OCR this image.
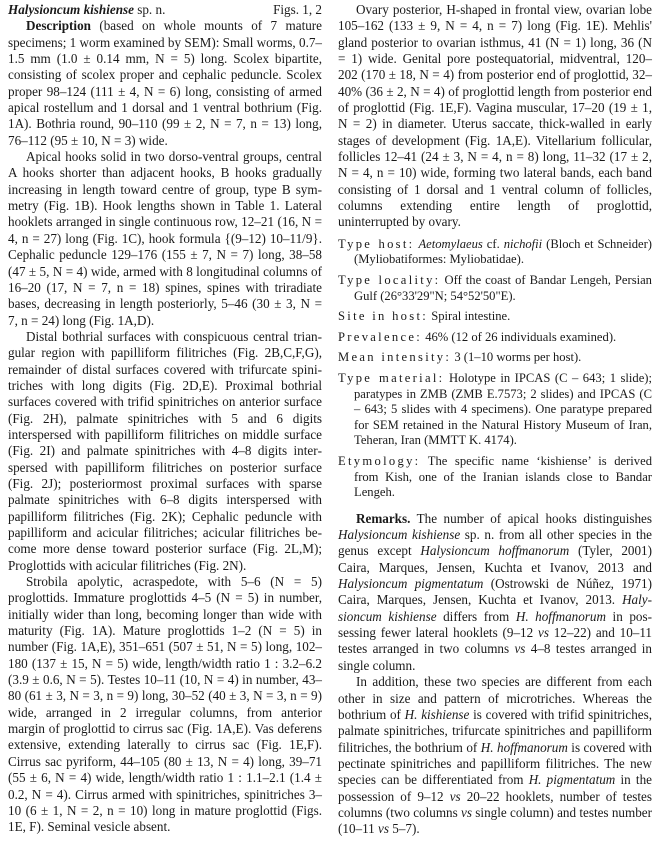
Halysioncum kishiense sp. n.	Figs. 1, 2

Description (based on whole mounts of 7 mature specimens; 1 worm examined by SEM): Small worms, 0.7–1.5 mm (1.0 ± 0.14 mm, N = 5) long. Scolex bipartite, consisting of scolex proper and cephalic peduncle. Scolex proper 98–124 (111 ± 4, N = 6) long, consisting of armed apical rostellum and 1 dorsal and 1 ventral bothrium (Fig. 1A). Bothria round, 90–110 (99 ± 2, N = 7, n = 13) long, 76–112 (95 ± 10, N = 3) wide.

Apical hooks solid in two dorso-ventral groups, central A hooks shorter than adjacent hooks, B hooks gradually increasing in length toward centre of group, type B symmetry (Fig. 1B). Hook lengths shown in Table 1. Lateral hooklets arranged in single continuous row, 12–21 (16, N = 4, n = 27) long (Fig. 1C), hook formula {(9–12) 10–11/9}. Cephalic peduncle 129–176 (155 ± 7, N = 7) long, 38–58 (47 ± 5, N = 4) wide, armed with 8 longitudinal columns of 16–20 (17, N = 7, n = 18) spines, spines with triradiate bases, decreasing in length posteriorly, 5–46 (30 ± 3, N = 7, n = 24) long (Fig. 1A,D).

Distal bothrial surfaces with conspicuous central triangular region with papilliform filitriches (Fig. 2B,C,F,G), remainder of distal surfaces covered with trifurcate spinitriches with long digits (Fig. 2D,E). Proximal bothrial surfaces covered with trifid spinitriches on anterior surface (Fig. 2H), palmate spinitriches with 5 and 6 digits interspersed with papilliform filitriches on middle surface (Fig. 2I) and palmate spinitriches with 4–8 digits interspersed with papilliform filitriches on posterior surface (Fig. 2J); posteriormost proximal surfaces with sparse palmate spinitriches with 6–8 digits interspersed with papilliform filitriches (Fig. 2K); Cephalic peduncle with papilliform and acicular filitriches; acicular filitriches become more dense toward posterior surface (Fig. 2L,M); Proglottids with acicular filitriches (Fig. 2N).

Strobila apolytic, acraspedote, with 5–6 (N = 5) proglottids. Immature proglottids 4–5 (N = 5) in number, initially wider than long, becoming longer than wide with maturity (Fig. 1A). Mature proglottids 1–2 (N = 5) in number (Fig. 1A,E), 351–651 (507 ± 51, N = 5) long, 102–180 (137 ± 15, N = 5) wide, length/width ratio 1 : 3.2–6.2 (3.9 ± 0.6, N = 5). Testes 10–11 (10, N = 4) in number, 43–80 (61 ± 3, N = 3, n = 9) long, 30–52 (40 ± 3, N = 3, n = 9) wide, arranged in 2 irregular columns, from anterior margin of proglottid to cirrus sac (Fig. 1A,E). Vas deferens extensive, extending laterally to cirrus sac (Fig. 1E,F). Cirrus sac pyriform, 44–105 (80 ± 13, N = 4) long, 39–71 (55 ± 6, N = 4) wide, length/width ratio 1 : 1.1–2.1 (1.4 ± 0.2, N = 4). Cirrus armed with spinitriches, spinitriches 3–10 (6 ± 1, N = 2, n = 10) long in mature proglottid (Figs. 1E, F). Seminal vesicle absent.

Ovary posterior, H-shaped in frontal view, ovarian lobe 105–162 (133 ± 9, N = 4, n = 7) long (Fig. 1E). Mehlis' gland posterior to ovarian isthmus, 41 (N = 1) long, 36 (N = 1) wide. Genital pore postequatorial, midventral, 120–202 (170 ± 18, N = 4) from posterior end of proglottid, 32–40% (36 ± 2, N = 4) of proglottid length from posterior end of proglottid (Fig. 1E,F). Vagina muscular, 17–20 (19 ± 1, N = 2) in diameter. Uterus saccate, thick-walled in early stages of development (Fig. 1A,E). Vitellarium follicular, follicles 12–41 (24 ± 3, N = 4, n = 8) long, 11–32 (17 ± 2, N = 4, n = 10) wide, forming two lateral bands, each band consisting of 1 dorsal and 1 ventral column of follicles, columns extending entire length of proglottid, uninterrupted by ovary.

Type host: Aetomylaeus cf. nichofii (Bloch et Schneider) (Myliobatiformes: Myliobatidae).
Type locality: Off the coast of Bandar Lengeh, Persian Gulf (26°33'29"N; 54°52'50"E).
Site in host: Spiral intestine.
Prevalence: 46% (12 of 26 individuals examined).
Mean intensity: 3 (1–10 worms per host).
Type material: Holotype in IPCAS (C – 643; 1 slide); paratypes in ZMB (ZMB E.7573; 2 slides) and IPCAS (C – 643; 5 slides with 4 specimens). One paratype prepared for SEM retained in the Natural History Museum of Iran, Teheran, Iran (MMTT K. 4174).
Etymology: The specific name ‘kishiense’ is derived from Kish, one of the Iranian islands close to Bandar Lengeh.

Remarks. The number of apical hooks distinguishes Halysioncum kishiense sp. n. from all other species in the genus except Halysioncum hoffmanorum (Tyler, 2001) Caira, Marques, Jensen, Kuchta et Ivanov, 2013 and Halysioncum pigmentatum (Ostrowski de Núñez, 1971) Caira, Marques, Jensen, Kuchta et Ivanov, 2013. Halysioncum kishiense differs from H. hoffmanorum in possessing fewer lateral hooklets (9–12 vs 12–22) and 10–11 testes arranged in two columns vs 4–8 testes arranged in single column.

In addition, these two species are different from each other in size and pattern of microtriches. Whereas the bothrium of H. kishiense is covered with trifid spinitriches, palmate spinitriches, trifurcate spinitriches and papilliform filitriches, the bothrium of H. hoffmanorum is covered with pectinate spinitriches and papilliform filitriches. The new species can be differentiated from H. pigmentatum in the possession of 9–12 vs 20–22 hooklets, number of testes columns (two columns vs single column) and testes number (10–11 vs 5–7).
